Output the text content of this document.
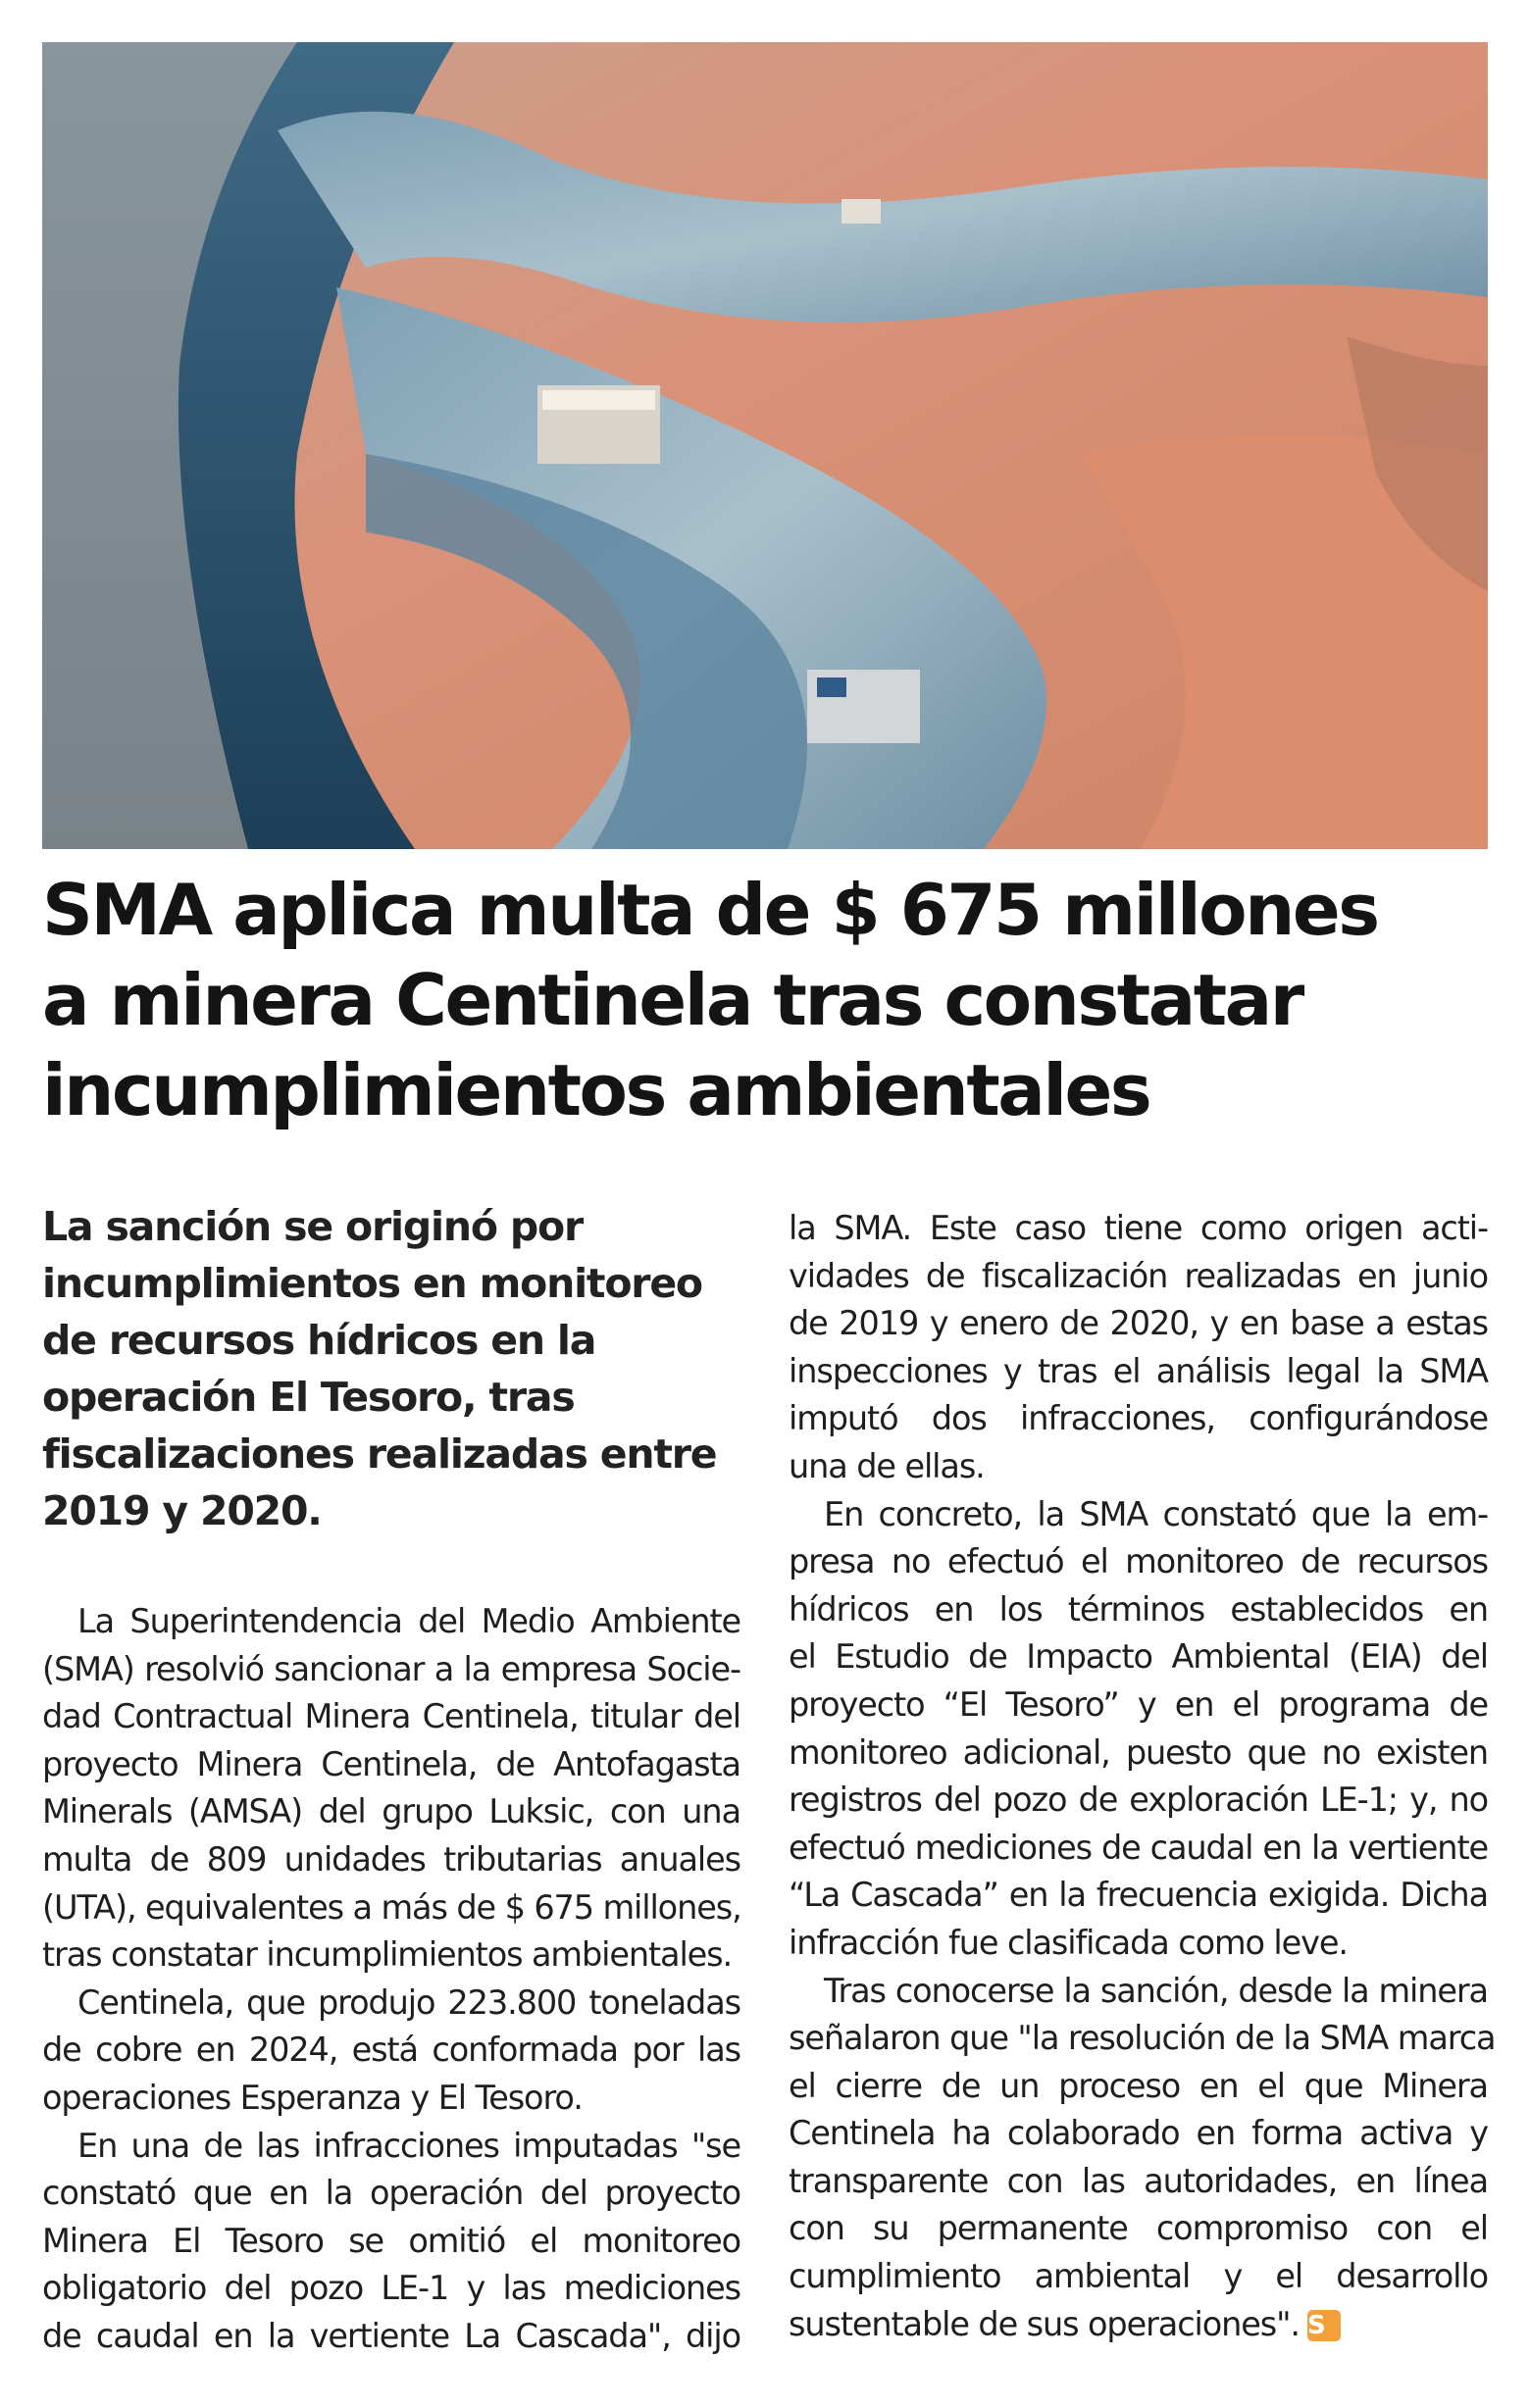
SMA aplica multa de $ 675 millones
a minera Centinela tras constatar
incumplimientos ambientales

La sanción se originó por
incumplimientos en monitoreo
de recursos hídricos en la
operación El Tesoro, tras
fiscalizaciones realizadas entre
2019 y 2020.

La Superintendencia del Medio Ambiente
(SMA) resolvió sancionar a la empresa Socie-
dad Contractual Minera Centinela, titular del
proyecto Minera Centinela, de Antofagasta
Minerals (AMSA) del grupo Luksic, con una
multa de 809 unidades tributarias anuales
(UTA), equivalentes a más de $ 675 millones,
tras constatar incumplimientos ambientales.

Centinela, que produjo 223.800 toneladas
de cobre en 2024, está conformada por las
operaciones Esperanza y El Tesoro.

En una de las infracciones imputadas "se
constató que en la operación del proyecto
Minera El Tesoro se omitió el monitoreo
obligatorio del pozo LE-1 y las mediciones
de caudal en la vertiente La Cascada", dijo

la SMA. Este caso tiene como origen acti-
vidades de fiscalización realizadas en junio
de 2019 y enero de 2020, y en base a estas
inspecciones y tras el análisis legal la SMA
imputó dos infracciones, configurándose
una de ellas.

En concreto, la SMA constató que la em-
presa no efectuó el monitoreo de recursos
hídricos en los términos establecidos en
el Estudio de Impacto Ambiental (EIA) del
proyecto “El Tesoro” y en el programa de
monitoreo adicional, puesto que no existen
registros del pozo de exploración LE-1; y, no
efectuó mediciones de caudal en la vertiente
“La Cascada” en la frecuencia exigida. Dicha
infracción fue clasificada como leve.

Tras conocerse la sanción, desde la minera
señalaron que "la resolución de la SMA marca
el cierre de un proceso en el que Minera
Centinela ha colaborado en forma activa y
transparente con las autoridades, en línea
con su permanente compromiso con el
cumplimiento ambiental y el desarrollo
sustentable de sus operaciones". S
